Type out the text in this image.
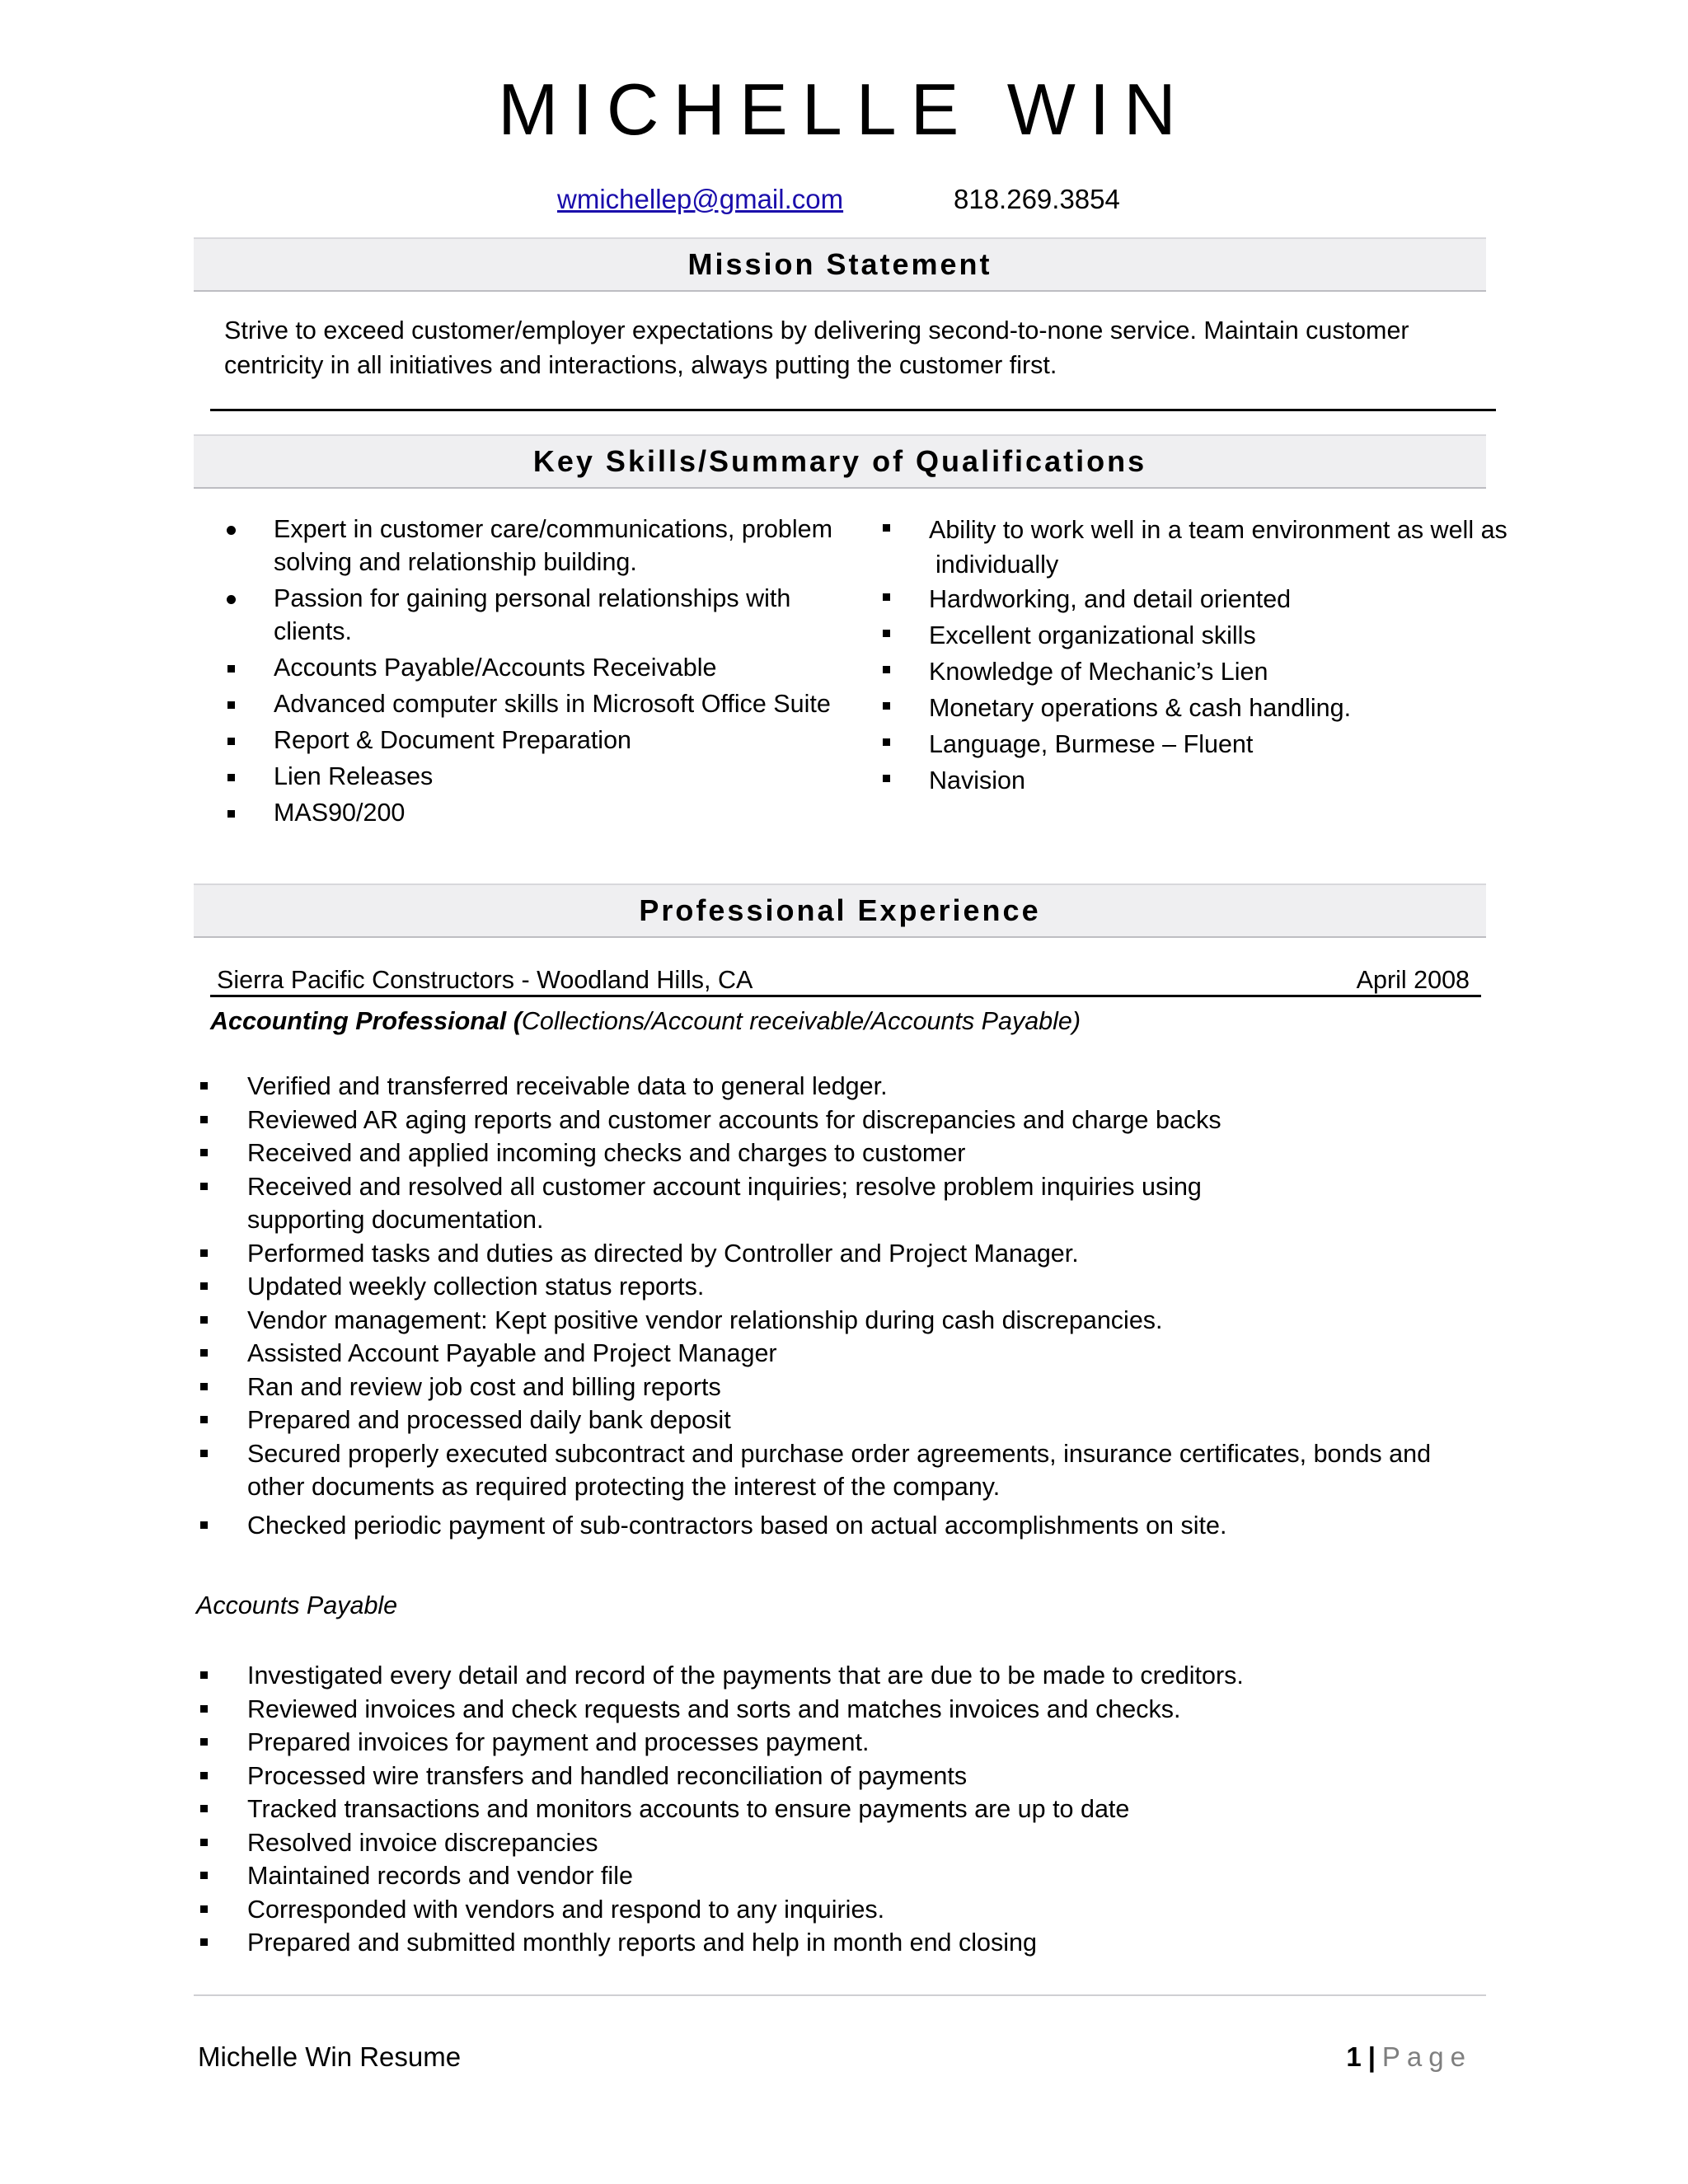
MICHELLE WIN
wmichellep@gmail.com	818.269.3854
Mission Statement
Strive to exceed customer/employer expectations by delivering second-to-none service. Maintain customer centricity in all initiatives and interactions, always putting the customer first.
Key Skills/Summary of Qualifications
Expert in customer care/communications, problem solving and relationship building.
Passion for gaining personal relationships with clients.
Accounts Payable/Accounts Receivable
Advanced computer skills in Microsoft Office Suite
Report & Document Preparation
Lien Releases
MAS90/200
Ability to work well in a team environment as well as
individually
Hardworking, and detail oriented
Excellent organizational skills
Knowledge of Mechanic’s Lien
Monetary operations & cash handling.
Language, Burmese – Fluent
Navision
Professional Experience
Sierra Pacific Constructors - Woodland Hills, CA	April 2008
Accounting Professional (Collections/Account receivable/Accounts Payable)
Verified and transferred receivable data to general ledger.
Reviewed AR aging reports and customer accounts for discrepancies and charge backs
Received and applied incoming checks and charges to customer
Received and resolved all customer account inquiries; resolve problem inquiries using supporting documentation.
Performed tasks and duties as directed by Controller and Project Manager.
Updated weekly collection status reports.
Vendor management: Kept positive vendor relationship during cash discrepancies.
Assisted Account Payable and Project Manager
Ran and review job cost and billing reports
Prepared and processed daily bank deposit
Secured properly executed subcontract and purchase order agreements, insurance certificates, bonds and other documents as required protecting the interest of the company.
Checked periodic payment of sub-contractors based on actual accomplishments on site.
Accounts Payable
Investigated every detail and record of the payments that are due to be made to creditors.
Reviewed invoices and check requests and sorts and matches invoices and checks.
Prepared invoices for payment and processes payment.
Processed wire transfers and handled reconciliation of payments
Tracked transactions and monitors accounts to ensure payments are up to date
Resolved invoice discrepancies
Maintained records and vendor file
Corresponded with vendors and respond to any inquiries.
Prepared and submitted monthly reports and help in month end closing
Michelle Win Resume	1 | Page
